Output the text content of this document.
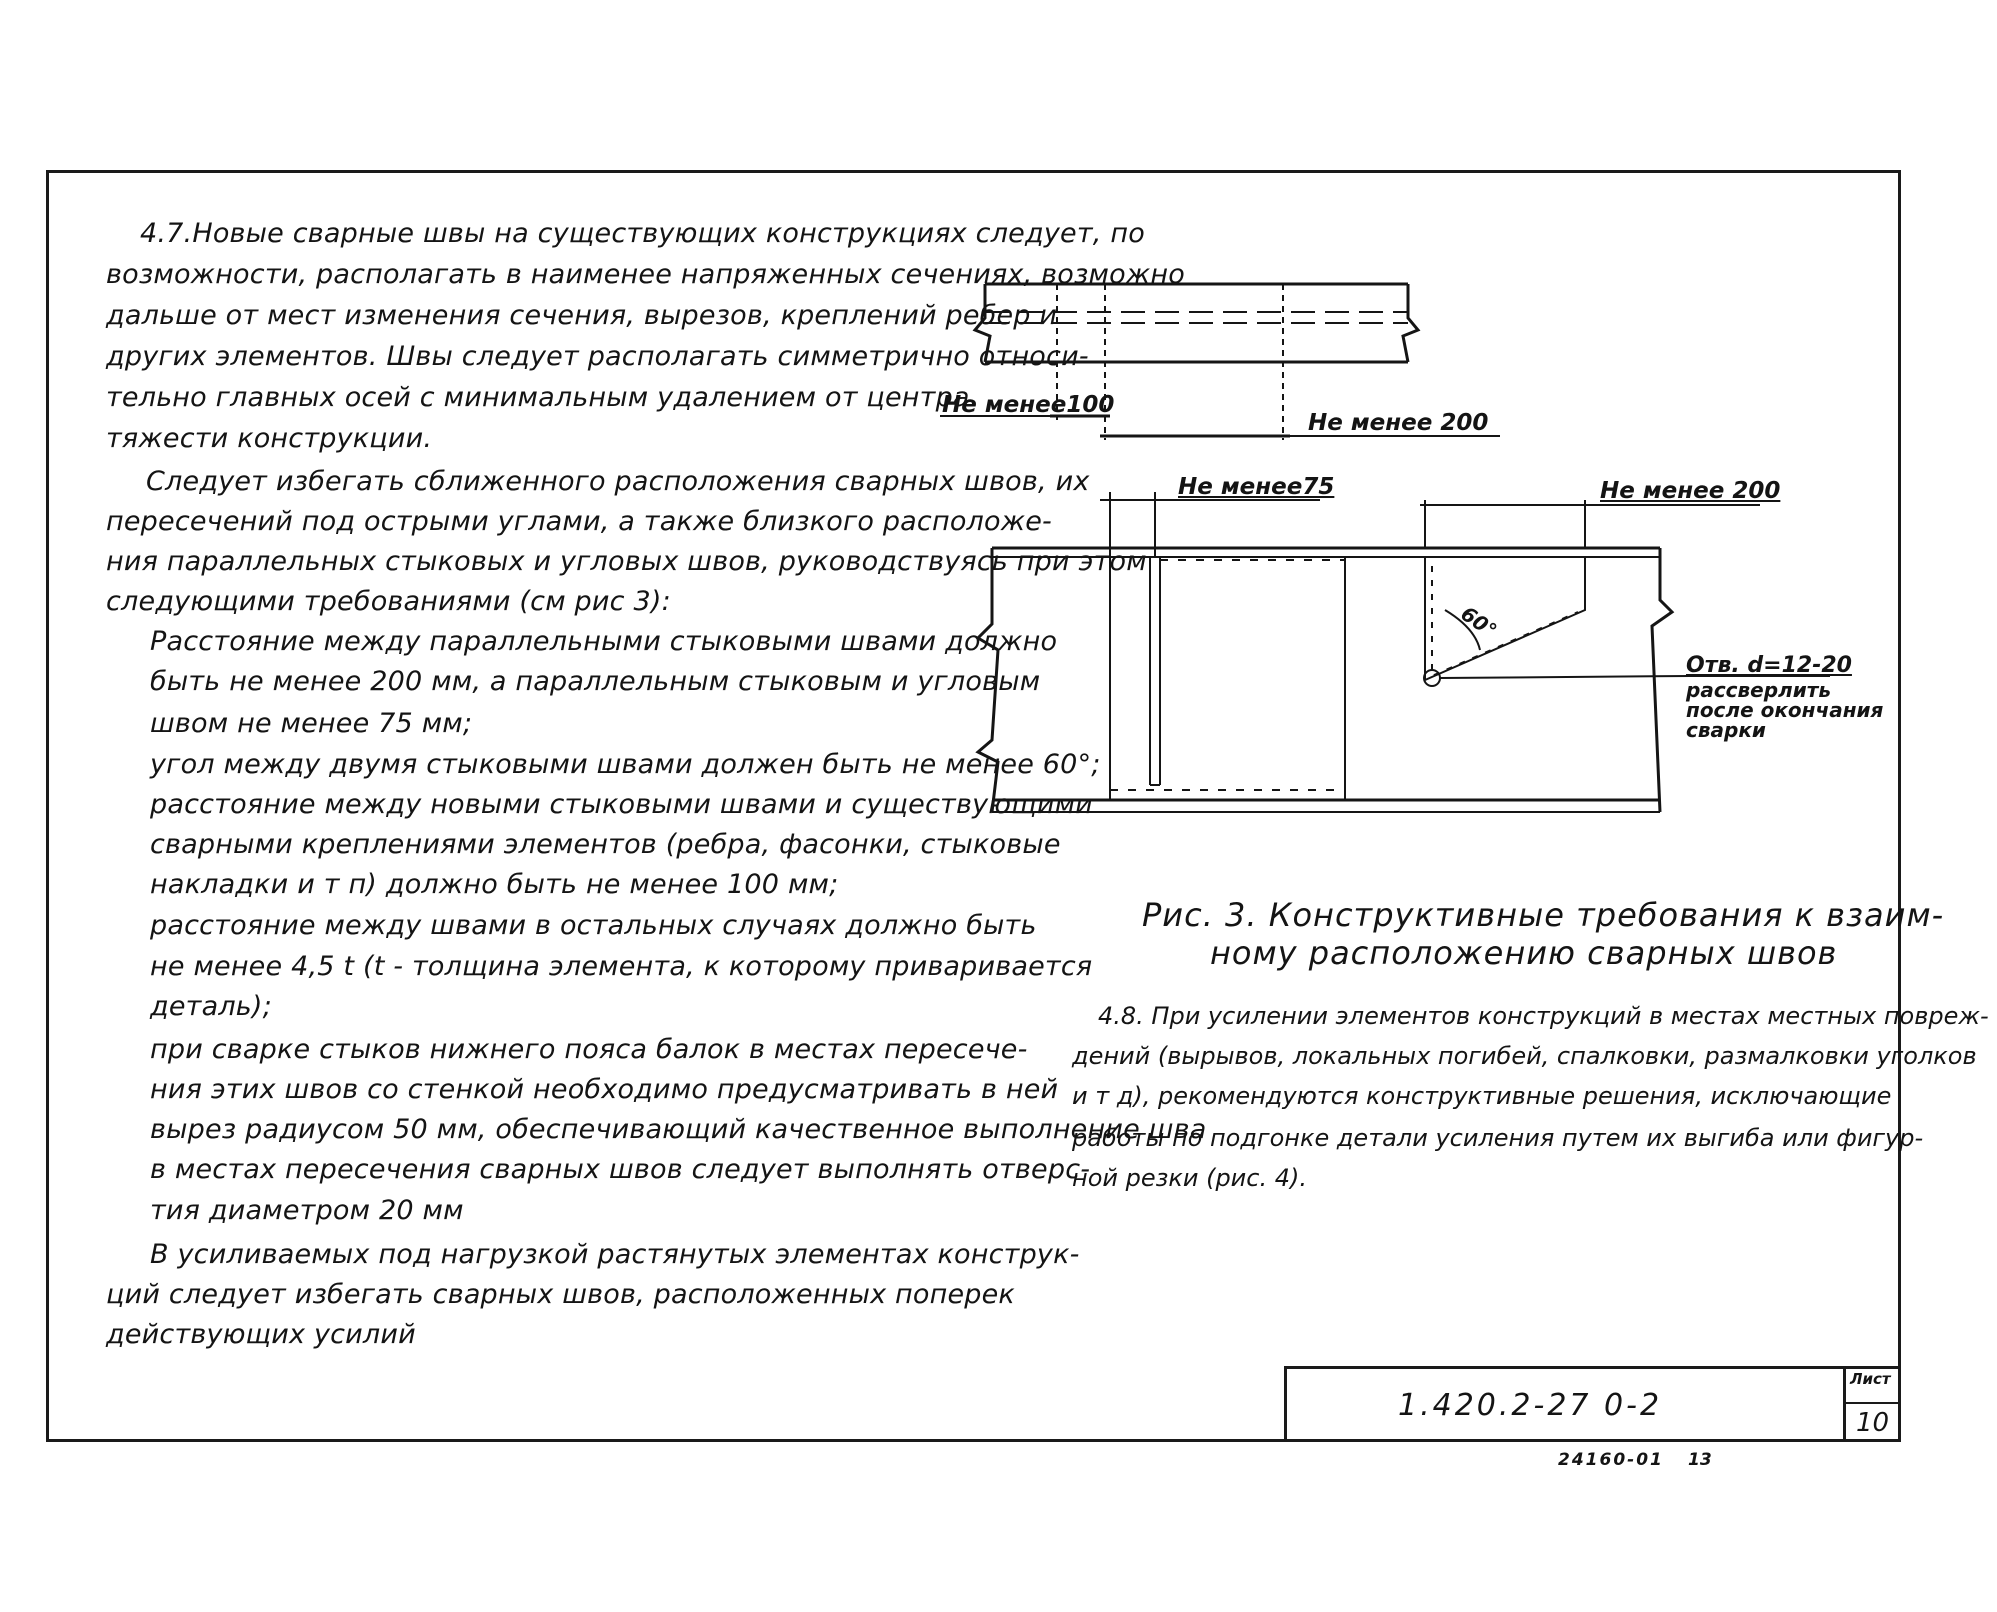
4.7.Новые сварные швы на существующих конструкциях следует, по
возможности, располагать в наименее напряженных сечениях, возможно
дальше от мест изменения сечения, вырезов, креплений ребер и
других элементов. Швы следует располагать симметрично относи-
тельно главных осей с минимальным удалением от центра
тяжести конструкции.
Следует избегать сближенного расположения сварных швов, их
пересечений под острыми углами, а также близкого расположе-
ния параллельных стыковых и угловых швов, руководствуясь при этом
следующими требованиями (см рис 3):
Расстояние между параллельными стыковыми швами должно
быть не менее 200 мм, а параллельным стыковым и угловым
швом не менее 75 мм;
угол между двумя стыковыми швами должен быть не менее 60°;
расстояние между новыми стыковыми швами и существующими
сварными креплениями элементов (ребра, фасонки, стыковые
накладки и т п) должно быть не менее 100 мм;
расстояние между швами в остальных случаях должно быть
не менее 4,5 t (t - толщина элемента, к которому приваривается
деталь);
при сварке стыков нижнего пояса балок в местах пересече-
ния этих швов со стенкой необходимо предусматривать в ней
вырез радиусом 50 мм, обеспечивающий качественное выполнение шва
в местах пересечения сварных швов следует выполнять отверс-
тия диаметром 20 мм
В усиливаемых под нагрузкой растянутых элементах конструк-
ций следует избегать сварных швов, расположенных поперек
действующих усилий
Не менее100
Не менее 200
Не менее75	Не менее 200
60°
Отв. d=12-20
рассверлить
после окончания
сварки
Рис. 3. Конструктивные требования к взаим-
ному расположению сварных швов
4.8. При усилении элементов конструкций в местах местных повреж-
дений (вырывов, локальных погибей, спалковки, размалковки уголков
и т д), рекомендуются конструктивные решения, исключающие
работы по подгонке детали усиления путем их выгиба или фигур-
ной резки (рис. 4).
1.420.2-27 0-2
Лист
10
24160-01 13
